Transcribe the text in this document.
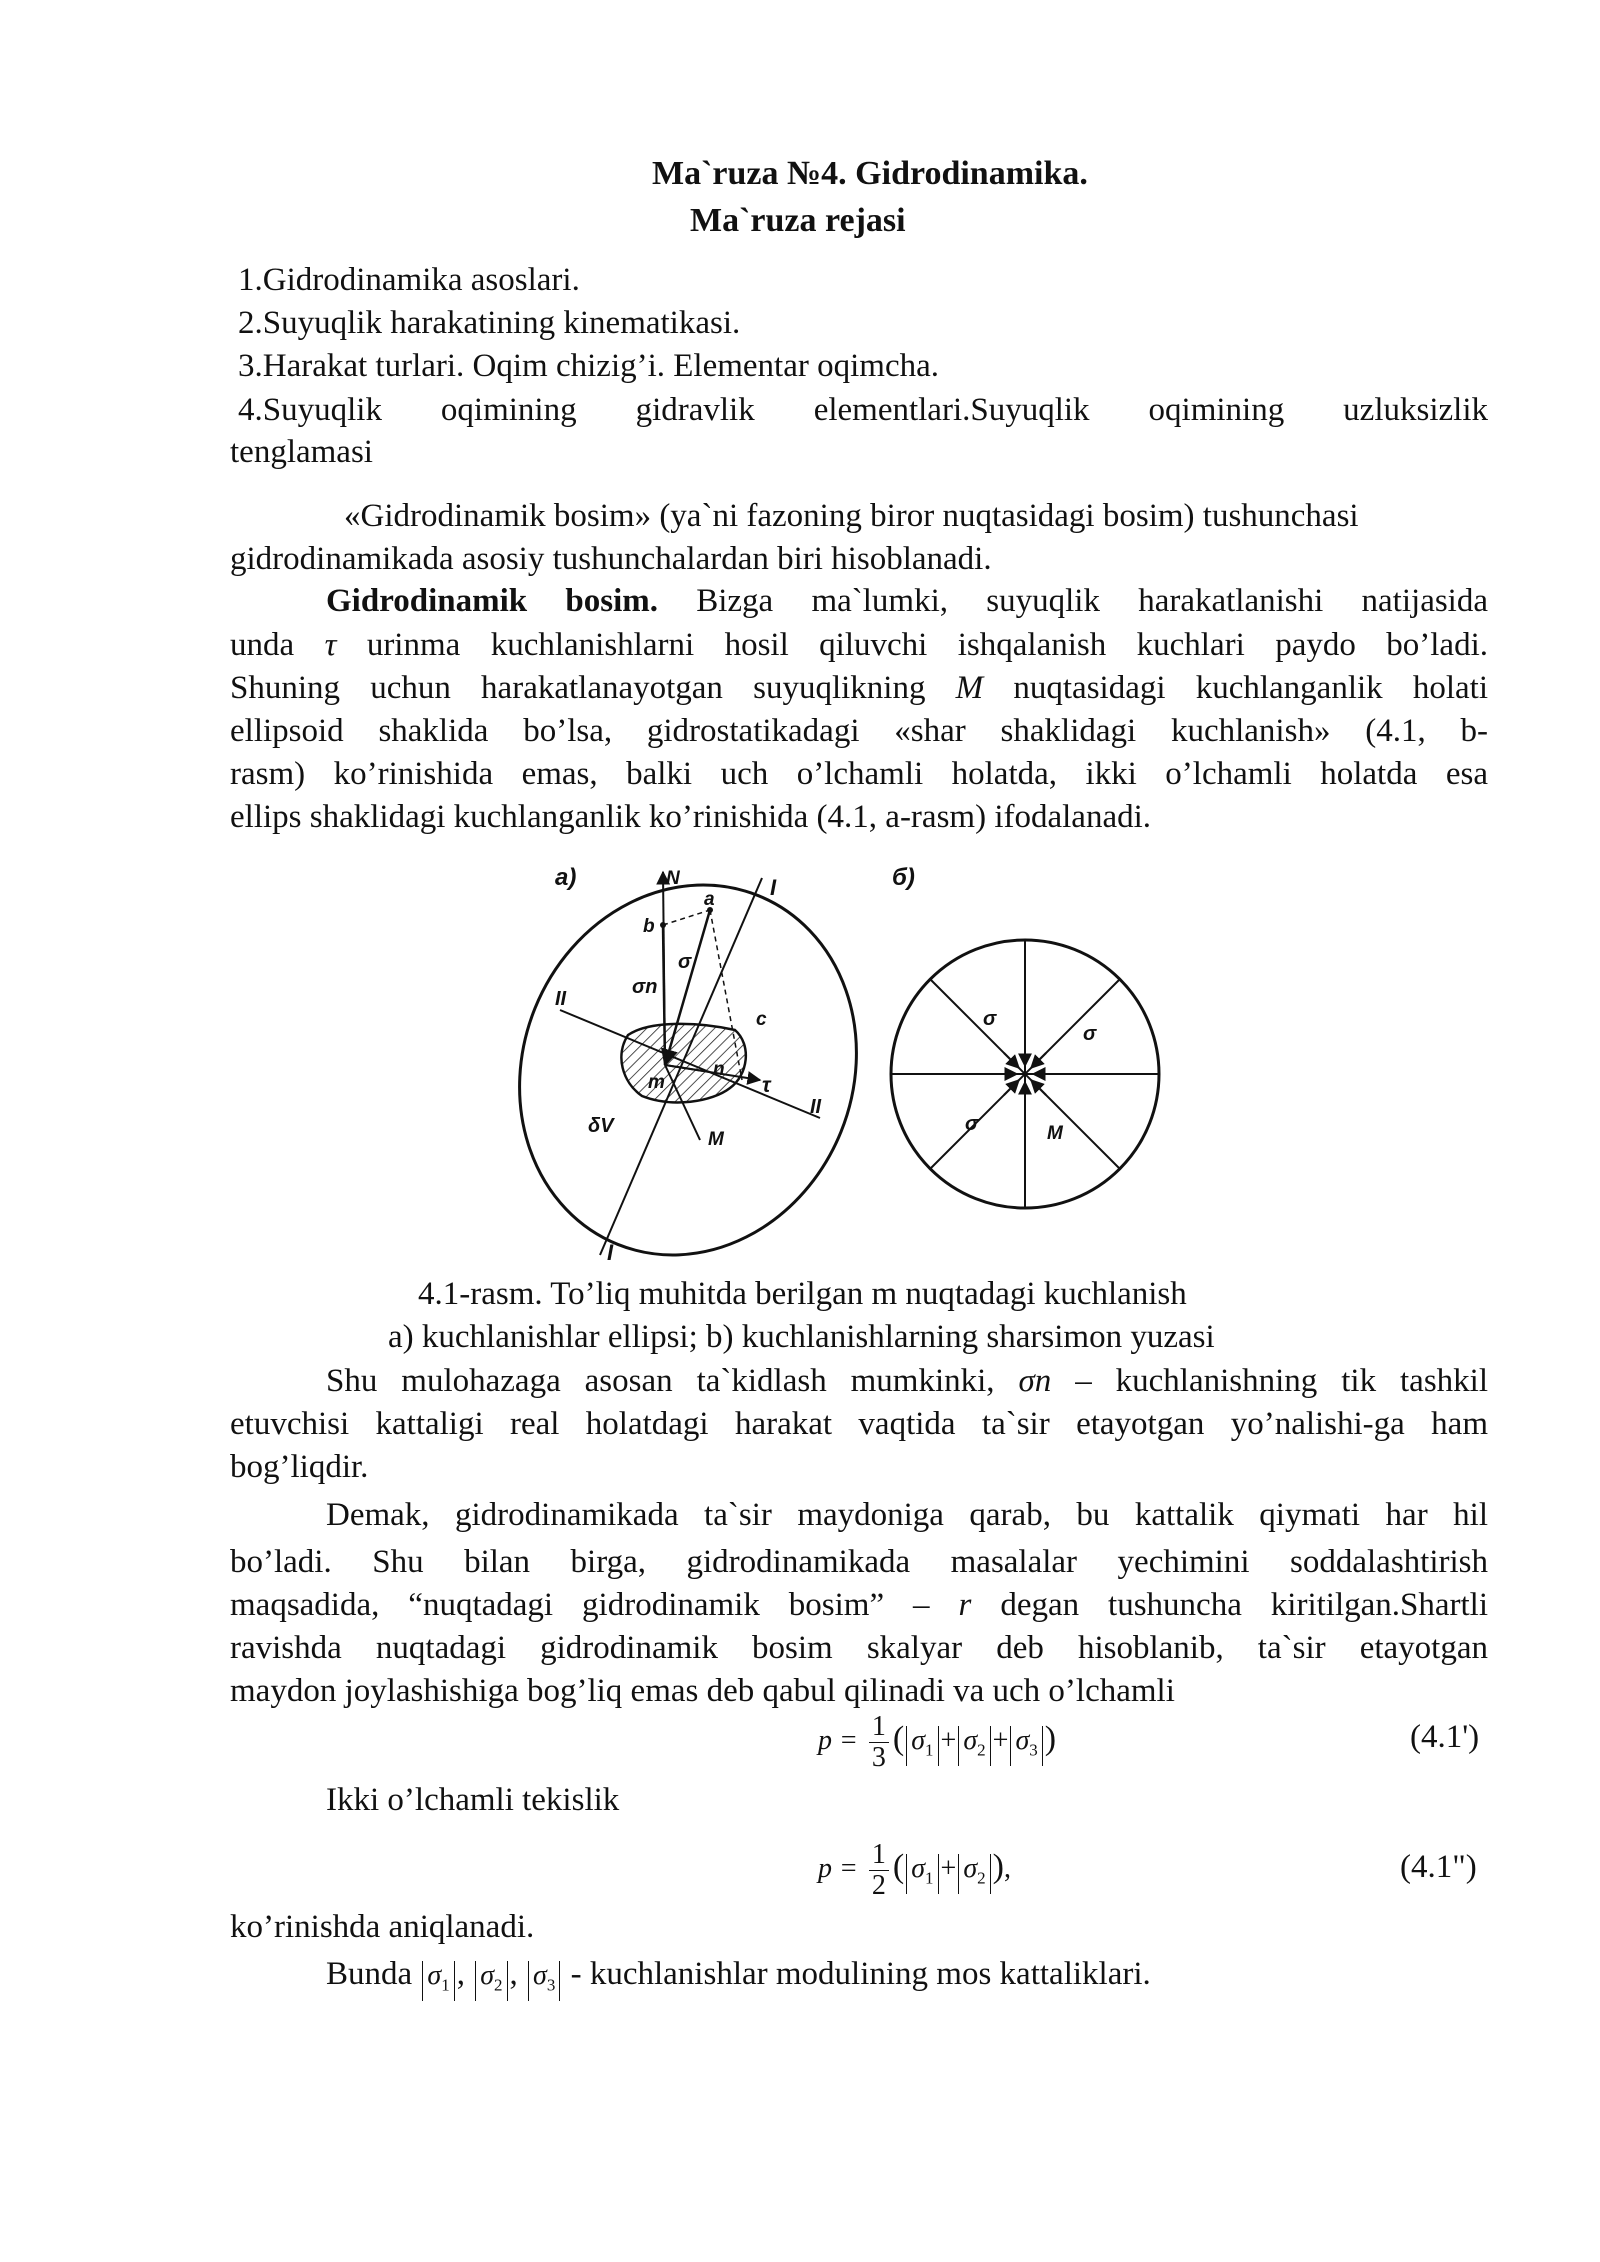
Ma`ruza №4. Gidrodinamika.
Ma`ruza rejasi
1.Gidrodinamika asoslari.
2.Suyuqlik harakatining kinematikasi.
3.Harakat turlari. Oqim chizig’i. Elementar oqimcha.
4.Suyuqlik oqimining gidravlik elementlari.Suyuqlik oqimining uzluksizlik
tenglamasi
«Gidrodinamik bosim» (ya`ni fazoning biror nuqtasidagi bosim) tushunchasi
gidrodinamikada asosiy tushunchalardan biri hisoblanadi.
Gidrodinamik bosim. Bizga ma`lumki, suyuqlik harakatlanishi natijasida
unda τ urinma kuchlanishlarni hosil qiluvchi ishqalanish kuchlari paydo bo’ladi.
Shuning uchun harakatlanayotgan suyuqlikning M nuqtasidagi kuchlanganlik holati
ellipsoid shaklida bo’lsa, gidrostatikadagi «shar shaklidagi kuchlanish» (4.1, b-
rasm) ko’rinishida emas, balki uch o’lchamli holatda, ikki o’lchamli holatda esa
ellips shaklidagi kuchlanganlik ko’rinishida (4.1, a-rasm) ifodalanadi.
a)	N	I
a
b
σ
σn
II
c
n
m	τ
II
δV
M
I
б)
σ
σ
σ	M
4.1-rasm. To’liq muhitda berilgan m nuqtadagi kuchlanish
a) kuchlanishlar ellipsi; b) kuchlanishlarning sharsimon yuzasi
Shu mulohazaga asosan ta`kidlash mumkinki, σn – kuchlanishning tik tashkil
etuvchisi kattaligi real holatdagi harakat vaqtida ta`sir etayotgan yo’nalishi-ga ham
bog’liqdir.
Demak, gidrodinamikada ta`sir maydoniga qarab, bu kattalik qiymati har hil
bo’ladi. Shu bilan birga, gidrodinamikada masalalar yechimini soddalashtirish
maqsadida, “nuqtadagi gidrodinamik bosim” – r degan tushuncha kiritilgan.Shartli
ravishda nuqtadagi gidrodinamik bosim skalyar deb hisoblanib, ta`sir etayotgan
maydon joylashishiga bog’liq emas deb qabul qilinadi va uch o’lchamli
$p = \frac{1}{3}$ ( $\sigma_1 + \sigma_2 + \sigma_3$ )	(4.1')
Ikki o’lchamli tekislik
$p = \frac{1}{2}$ ( $\sigma_1 + \sigma_2$ ),	(4.1")
ko’rinishda aniqlanadi.
Bunda $\sigma_1$ , $\sigma_2$ , $\sigma_3$ - kuchlanishlar modulining mos kattaliklari.
